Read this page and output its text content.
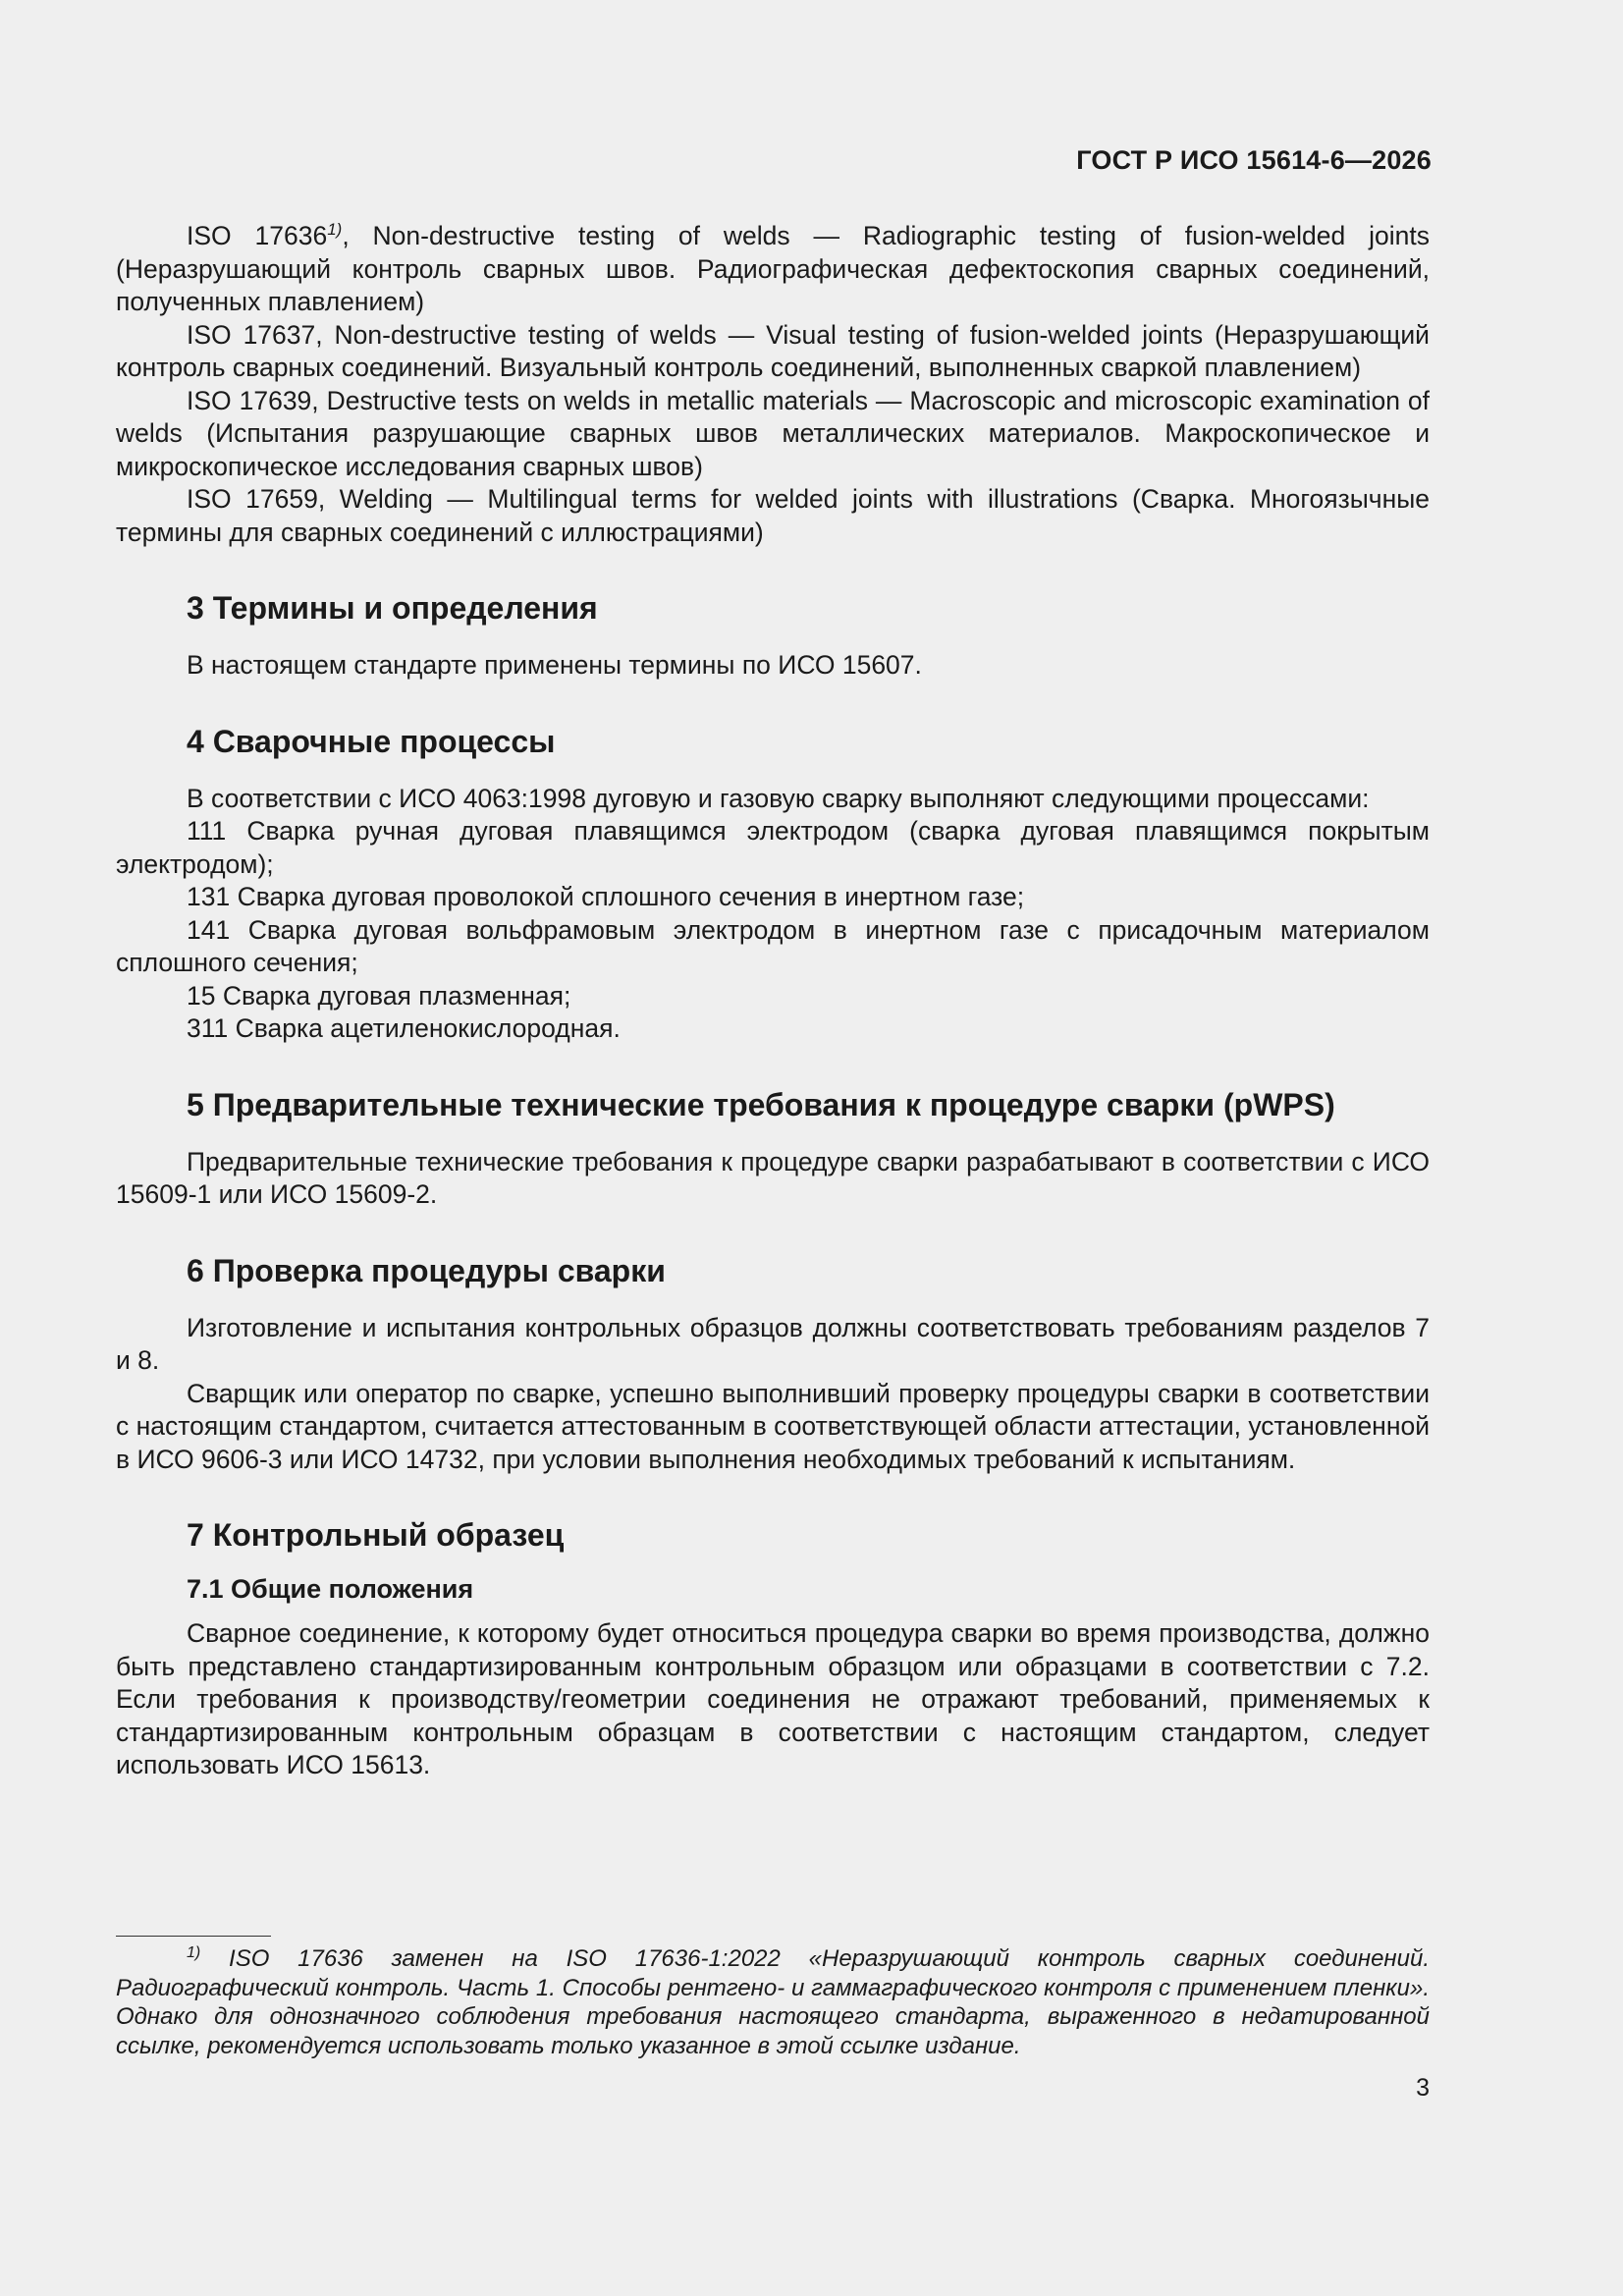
ГОСТ Р ИСО 15614-6—2026

ISO 17636$^{1)}$, Non-destructive testing of welds — Radiographic testing of fusion-welded joints (Неразрушающий контроль сварных швов. Радиографическая дефектоскопия сварных соединений, полученных плавлением)

ISO 17637, Non-destructive testing of welds — Visual testing of fusion-welded joints (Неразрушающий контроль сварных соединений. Визуальный контроль соединений, выполненных сваркой плавлением)

ISO 17639, Destructive tests on welds in metallic materials — Macroscopic and microscopic examination of welds (Испытания разрушающие сварных швов металлических материалов. Макроскопическое и микроскопическое исследования сварных швов)

ISO 17659, Welding — Multilingual terms for welded joints with illustrations (Сварка. Многоязычные термины для сварных соединений с иллюстрациями)

3 Термины и определения

В настоящем стандарте применены термины по ИСО 15607.

4 Сварочные процессы

В соответствии с ИСО 4063:1998 дуговую и газовую сварку выполняют следующими процессами:

111 Сварка ручная дуговая плавящимся электродом (сварка дуговая плавящимся покрытым электродом);

131 Сварка дуговая проволокой сплошного сечения в инертном газе;

141 Сварка дуговая вольфрамовым электродом в инертном газе с присадочным материалом сплошного сечения;

15 Сварка дуговая плазменная;

311 Сварка ацетиленокислородная.

5 Предварительные технические требования к процедуре сварки (pWPS)

Предварительные технические требования к процедуре сварки разрабатывают в соответствии с ИСО 15609-1 или ИСО 15609-2.

6 Проверка процедуры сварки

Изготовление и испытания контрольных образцов должны соответствовать требованиям разделов 7 и 8.

Сварщик или оператор по сварке, успешно выполнивший проверку процедуры сварки в соответствии с настоящим стандартом, считается аттестованным в соответствующей области аттестации, установленной в ИСО 9606-3 или ИСО 14732, при условии выполнения необходимых требований к испытаниям.

7 Контрольный образец
7.1 Общие положения

Сварное соединение, к которому будет относиться процедура сварки во время производства, должно быть представлено стандартизированным контрольным образцом или образцами в соответствии с 7.2. Если требования к производству/геометрии соединения не отражают требований, применяемых к стандартизированным контрольным образцам в соответствии с настоящим стандартом, следует использовать ИСО 15613.

$^{1)}$ ISO 17636 заменен на ISO 17636-1:2022 «Неразрушающий контроль сварных соединений. Радиографический контроль. Часть 1. Способы рентгено- и гаммаграфического контроля с применением пленки». Однако для однозначного соблюдения требования настоящего стандарта, выраженного в недатированной ссылке, рекомендуется использовать только указанное в этой ссылке издание.
3
